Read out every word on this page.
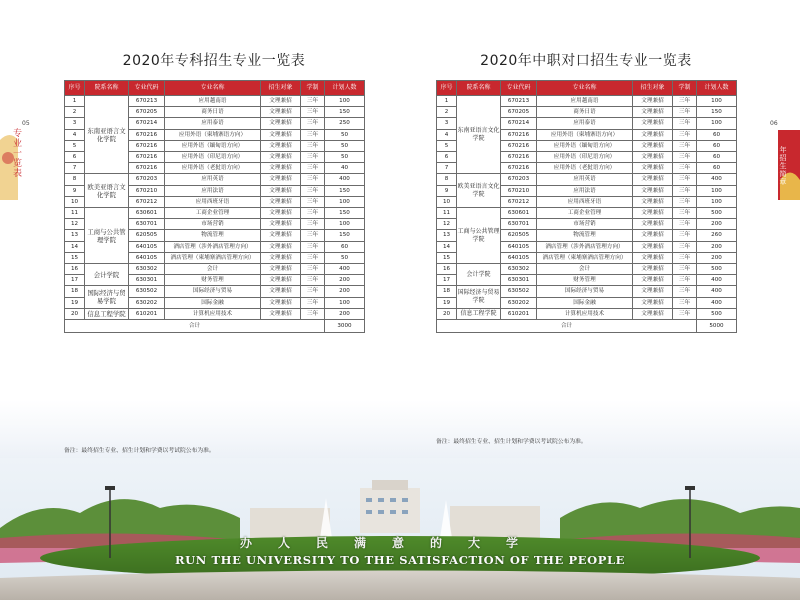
05
专业一览表
06
年招生简章
2020年专科招生专业一览表	2020年中职对口招生专业一览表
序号	院系名称	专业代码	专业名称	招生对象	学制	计划人数
1	东南亚语言文化学院	670213	应用越南语	文理兼招	三年	100
2		670205	商务日语	文理兼招	三年	150
3		670214	应用泰语	文理兼招	三年	250
4		670216	应用外语（柬埔寨语方向）	文理兼招	三年	50
5		670216	应用外语（缅甸语方向）	文理兼招	三年	50
6		670216	应用外语（印尼语方向）	文理兼招	三年	50
7		670216	应用外语（老挝语方向）	文理兼招	三年	40
8	欧美亚语言文化学院	670203	应用英语	文理兼招	三年	400
9		670210	应用法语	文理兼招	三年	150
10		670212	应用西班牙语	文理兼招	三年	100
11	工商与公共管理学院	630601	工商企业管理	文理兼招	三年	150
12		630701	市场营销	文理兼招	三年	100
13		620505	物流管理	文理兼招	三年	150
14		640105	酒店管理（涉外酒店管理方向）	文理兼招	三年	60
15		640105	酒店管理（柬埔寨酒店管理方向）	文理兼招	三年	50
16	会计学院	630302	会计	文理兼招	三年	400
17		630301	财务管理	文理兼招	三年	200
18	国际经济与贸易学院	630502	国际经济与贸易	文理兼招	三年	200
19		630202	国际金融	文理兼招	三年	100
20	信息工程学院	610201	计算机应用技术	文理兼招	三年	200
合计						3000
序号	院系名称	专业代码	专业名称	招生对象	学制	计划人数
1	东南亚语言文化学院	670213	应用越南语	文理兼招	三年	100
2		670205	商务日语	文理兼招	三年	150
3		670214	应用泰语	文理兼招	三年	100
4		670216	应用外语（柬埔寨语方向）	文理兼招	三年	60
5		670216	应用外语（缅甸语方向）	文理兼招	三年	60
6		670216	应用外语（印尼语方向）	文理兼招	三年	60
7		670216	应用外语（老挝语方向）	文理兼招	三年	60
8	欧美亚语言文化学院	670203	应用英语	文理兼招	三年	400
9		670210	应用法语	文理兼招	三年	100
10		670212	应用西班牙语	文理兼招	三年	100
11	工商与公共管理学院	630601	工商企业管理	文理兼招	三年	500
12		630701	市场营销	文理兼招	三年	200
13		620505	物流管理	文理兼招	三年	260
14		640105	酒店管理（涉外酒店管理方向）	文理兼招	三年	200
15		640105	酒店管理（柬埔寨酒店管理方向）	文理兼招	三年	200
16	会计学院	630302	会计	文理兼招	三年	500
17		630301	财务管理	文理兼招	三年	400
18	国际经济与贸易学院	630502	国际经济与贸易	文理兼招	三年	400
19		630202	国际金融	文理兼招	三年	400
20	信息工程学院	610201	计算机应用技术	文理兼招	三年	500
合计						5000
备注：最终招生专业、招生计划和学费以考试院公布为准。
备注：最终招生专业、招生计划和学费以考试院公布为准。
办人民满意的大学
RUN THE UNIVERSITY TO THE SATISFACTION OF THE PEOPLE
